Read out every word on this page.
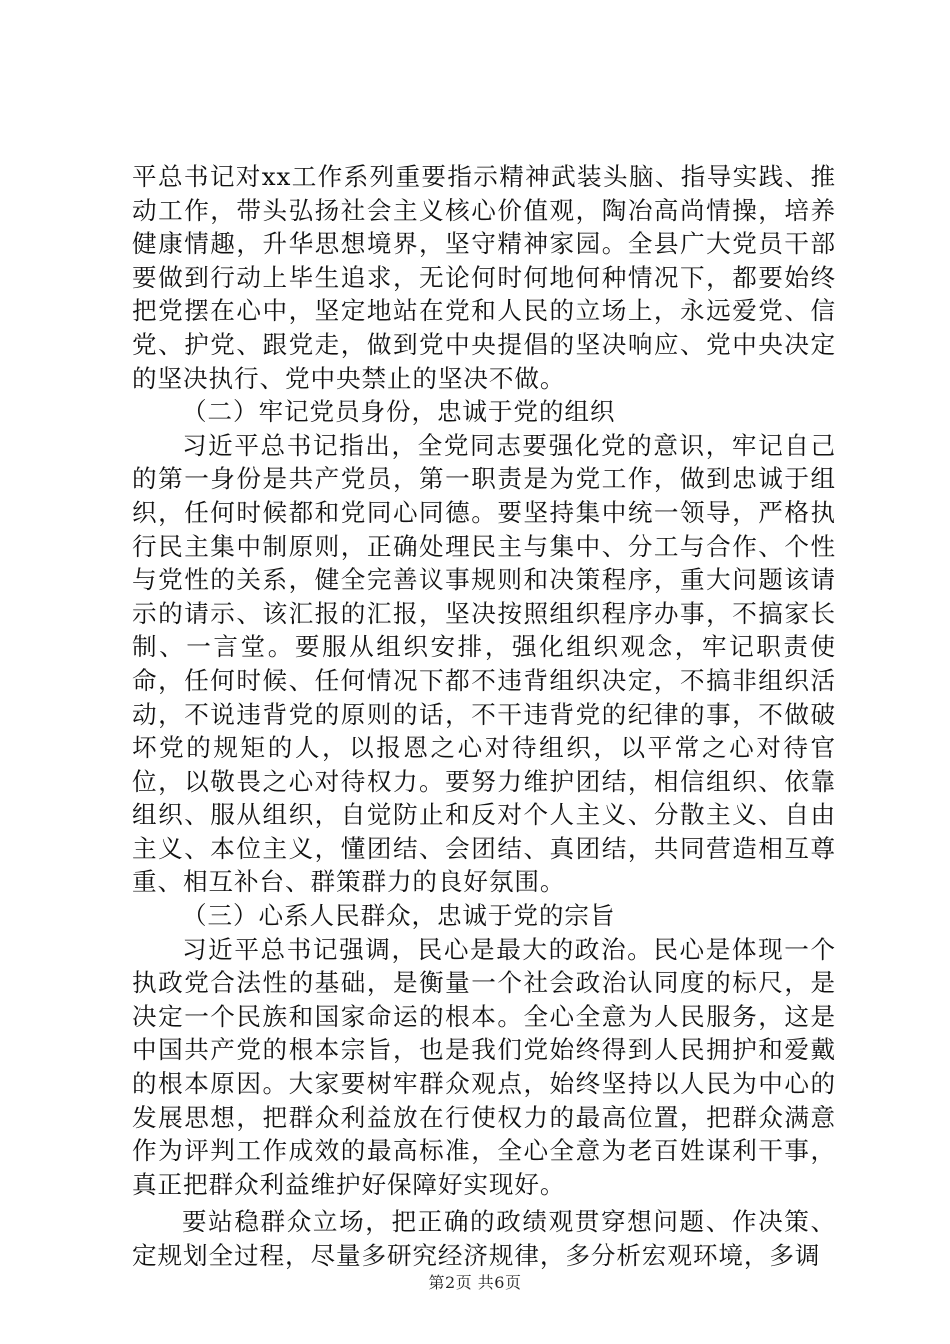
平总书记对xx工作系列重要指示精神武装头脑、指导实践、推动工作，带头弘扬社会主义核心价值观，陶冶高尚情操，培养健康情趣，升华思想境界，坚守精神家园。全县广大党员干部要做到行动上毕生追求，无论何时何地何种情况下，都要始终把党摆在心中，坚定地站在党和人民的立场上，永远爱党、信党、护党、跟党走，做到党中央提倡的坚决响应、党中央决定的坚决执行、党中央禁止的坚决不做。

（二）牢记党员身份，忠诚于党的组织

习近平总书记指出，全党同志要强化党的意识，牢记自己的第一身份是共产党员，第一职责是为党工作，做到忠诚于组织，任何时候都和党同心同德。要坚持集中统一领导，严格执行民主集中制原则，正确处理民主与集中、分工与合作、个性与党性的关系，健全完善议事规则和决策程序，重大问题该请示的请示、该汇报的汇报，坚决按照组织程序办事，不搞家长制、一言堂。要服从组织安排，强化组织观念，牢记职责使命，任何时候、任何情况下都不违背组织决定，不搞非组织活动，不说违背党的原则的话，不干违背党的纪律的事，不做破坏党的规矩的人，以报恩之心对待组织，以平常之心对待官位，以敬畏之心对待权力。要努力维护团结，相信组织、依靠组织、服从组织，自觉防止和反对个人主义、分散主义、自由主义、本位主义，懂团结、会团结、真团结，共同营造相互尊重、相互补台、群策群力的良好氛围。

（三）心系人民群众，忠诚于党的宗旨

习近平总书记强调，民心是最大的政治。民心是体现一个执政党合法性的基础，是衡量一个社会政治认同度的标尺，是决定一个民族和国家命运的根本。全心全意为人民服务，这是中国共产党的根本宗旨，也是我们党始终得到人民拥护和爱戴的根本原因。大家要树牢群众观点，始终坚持以人民为中心的发展思想，把群众利益放在行使权力的最高位置，把群众满意作为评判工作成效的最高标准，全心全意为老百姓谋利干事，真正把群众利益维护好保障好实现好。

要站稳群众立场，把正确的政绩观贯穿想问题、作决策、定规划全过程，尽量多研究经济规律，多分析宏观环境，多调

第2页 共6页
